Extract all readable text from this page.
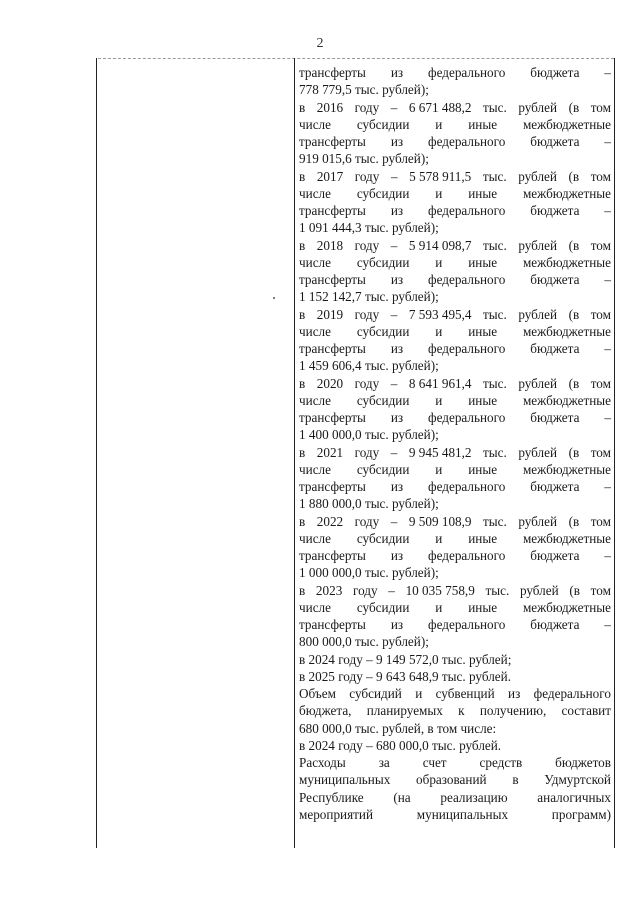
2
трансферты из федерального бюджета –
778 779,5 тыс. рублей);
в 2016 году – 6 671 488,2 тыс. рублей (в том
числе субсидии и иные межбюджетные
трансферты из федерального бюджета –
919 015,6 тыс. рублей);
в 2017 году – 5 578 911,5 тыс. рублей (в том
числе субсидии и иные межбюджетные
трансферты из федерального бюджета –
1 091 444,3 тыс. рублей);
в 2018 году – 5 914 098,7 тыс. рублей (в том
числе субсидии и иные межбюджетные
трансферты из федерального бюджета –
1 152 142,7 тыс. рублей);
в 2019 году – 7 593 495,4 тыс. рублей (в том
числе субсидии и иные межбюджетные
трансферты из федерального бюджета –
1 459 606,4 тыс. рублей);
в 2020 году – 8 641 961,4 тыс. рублей (в том
числе субсидии и иные межбюджетные
трансферты из федерального бюджета –
1 400 000,0 тыс. рублей);
в 2021 году – 9 945 481,2 тыс. рублей (в том
числе субсидии и иные межбюджетные
трансферты из федерального бюджета –
1 880 000,0 тыс. рублей);
в 2022 году – 9 509 108,9 тыс. рублей (в том
числе субсидии и иные межбюджетные
трансферты из федерального бюджета –
1 000 000,0 тыс. рублей);
в 2023 году – 10 035 758,9 тыс. рублей (в том
числе субсидии и иные межбюджетные
трансферты из федерального бюджета –
800 000,0 тыс. рублей);
в 2024 году – 9 149 572,0 тыс. рублей;
в 2025 году – 9 643 648,9 тыс. рублей.
Объем субсидий и субвенций из федерального
бюджета, планируемых к получению, составит
680 000,0 тыс. рублей, в том числе:
в 2024 году – 680 000,0 тыс. рублей.
Расходы за счет средств бюджетов
муниципальных образований в Удмуртской
Республике (на реализацию аналогичных
мероприятий	муниципальных	программ)
